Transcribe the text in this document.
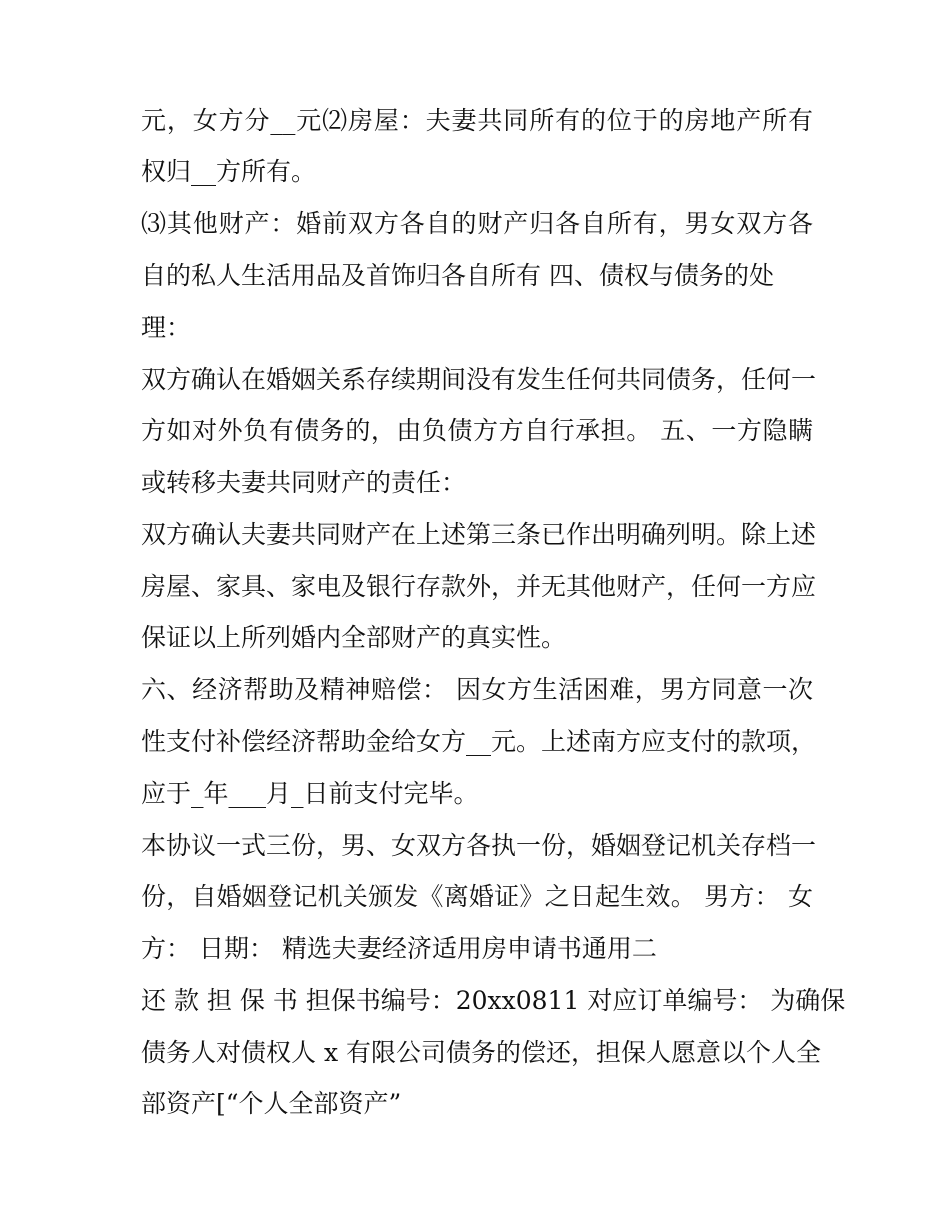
元，女方分__元⑵房屋：夫妻共同所有的位于的房地产所有
权归__方所有。
⑶其他财产：婚前双方各自的财产归各自所有，男女双方各
自的私人生活用品及首饰归各自所有 四、债权与债务的处
理：
双方确认在婚姻关系存续期间没有发生任何共同债务，任何一
方如对外负有债务的，由负债方方自行承担。 五、一方隐瞒
或转移夫妻共同财产的责任：
双方确认夫妻共同财产在上述第三条已作出明确列明。除上述
房屋、家具、家电及银行存款外，并无其他财产，任何一方应
保证以上所列婚内全部财产的真实性。
六、经济帮助及精神赔偿： 因女方生活困难，男方同意一次
性支付补偿经济帮助金给女方__元。上述南方应支付的款项，
应于_年___月_日前支付完毕。
本协议一式三份，男、女双方各执一份，婚姻登记机关存档一
份，自婚姻登记机关颁发《离婚证》之日起生效。 男方： 女
方： 日期： 精选夫妻经济适用房申请书通用二
还 款 担 保 书 担保书编号：20xx0811 对应订单编号： 为确保
债务人对债权人 x 有限公司债务的偿还，担保人愿意以个人全
部资产[“个人全部资产”
